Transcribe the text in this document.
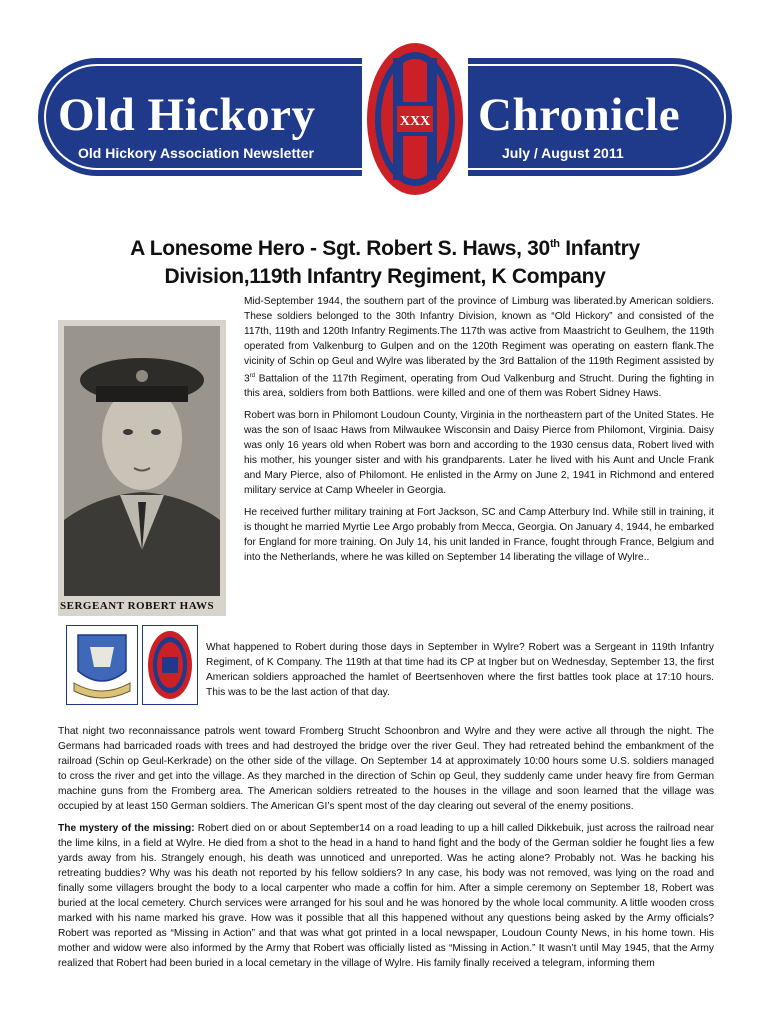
Old Hickory	Chronicle
Old Hickory Association Newsletter	July / August 2011
XXX
A Lonesome Hero - Sgt. Robert S. Haws, 30th Infantry
Division,119th Infantry Regiment, K Company
SERGEANT ROBERT HAWS

Mid-September 1944, the southern part of the province of Limburg was liberated.by American soldiers. These soldiers belonged to the 30th Infantry Division, known as “Old Hickory” and consisted of the 117th, 119th and 120th Infantry Regiments.The 117th was active from Maastricht to Geulhem, the 119th operated from Valkenburg to Gulpen and on the 120th Regiment was operating on eastern flank.The vicinity of Schin op Geul and Wylre was liberated by the 3rd Battalion of the 119th Regiment assisted by 3rd Battalion of the 117th Regiment, operating from Oud Valkenburg and Strucht. During the fighting in this area, soldiers from both Battlions. were killed and one of them was Robert Sidney Haws.

Robert was born in Philomont Loudoun County, Virginia in the northeastern part of the United States. He was the son of Isaac Haws from Milwaukee Wisconsin and Daisy Pierce from Philomont, Virginia. Daisy was only 16 years old when Robert was born and according to the 1930 census data, Robert lived with his mother, his younger sister and with his grandparents. Later he lived with his Aunt and Uncle Frank and Mary Pierce, also of Philomont. He enlisted in the Army on June 2, 1941 in Richmond and entered military service at Camp Wheeler in Georgia.

He received further military training at Fort Jackson, SC and Camp Atterbury Ind. While still in training, it is thought he married Myrtie Lee Argo probably from Mecca, Georgia. On January 4, 1944, he embarked for England for more training. On July 14, his unit landed in France, fought through France, Belgium and into the Netherlands, where he was killed on September 14 liberating the village of Wylre..

What happened to Robert during those days in September in Wylre? Robert was a Sergeant in 119th Infantry Regiment, of K Company. The 119th at that time had its CP at Ingber but on Wednesday, September 13, the first American soldiers approached the hamlet of Beertsenhoven where the first battles took place at 17:10 hours. This was to be the last action of that day.

That night two reconnaissance patrols went toward Fromberg Strucht Schoonbron and Wylre and they were active all through the night. The Germans had barricaded roads with trees and had destroyed the bridge over the river Geul. They had retreated behind the embankment of the railroad (Schin op Geul-Kerkrade) on the other side of the village. On September 14 at approximately 10:00 hours some U.S. soldiers managed to cross the river and get into the village. As they marched in the direction of Schin op Geul, they suddenly came under heavy fire from German machine guns from the Fromberg area. The American soldiers retreated to the houses in the village and soon learned that the village was occupied by at least 150 German soldiers. The American GI’s spent most of the day clearing out several of the enemy positions.

The mystery of the missing: Robert died on or about September14 on a road leading to up a hill called Dikkebuik, just across the railroad near the lime kilns, in a field at Wylre. He died from a shot to the head in a hand to hand fight and the body of the German soldier he fought lies a few yards away from his. Strangely enough, his death was unnoticed and unreported. Was he acting alone? Probably not. Was he backing his retreating buddies? Why was his death not reported by his fellow soldiers? In any case, his body was not removed, was lying on the road and finally some villagers brought the body to a local carpenter who made a coffin for him. After a simple ceremony on September 18, Robert was buried at the local cemetery. Church services were arranged for his soul and he was honored by the whole local community. A little wooden cross marked with his name marked his grave. How was it possible that all this happened without any questions being asked by the Army officials? Robert was reported as “Missing in Action” and that was what got printed in a local newspaper, Loudoun County News, in his home town. His mother and widow were also informed by the Army that Robert was officially listed as “Missing in Action.” It wasn’t until May 1945, that the Army realized that Robert had been buried in a local cemetary in the village of Wylre. His family finally received a telegram, informing them
